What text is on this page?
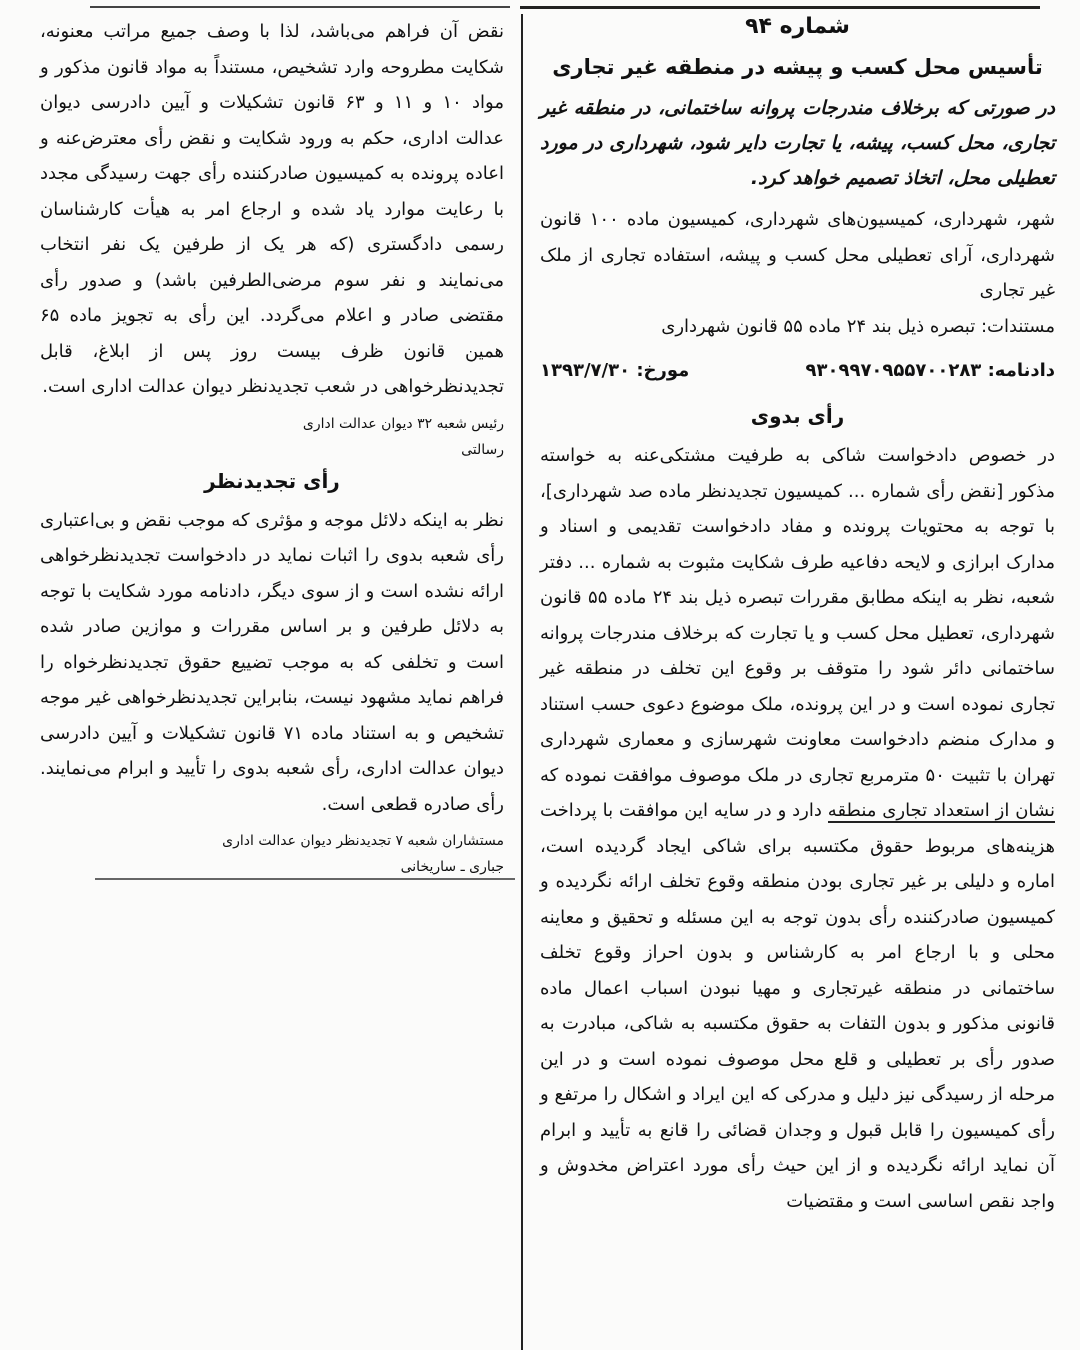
شماره ۹۴
تأسیس محل کسب و پیشه در منطقه غیر تجاری

در صورتی که برخلاف مندرجات پروانه ساختمانی، در منطقه غیر تجاری، محل کسب، پیشه، یا تجارت دایر شود، شهرداری در مورد تعطیلی محل، اتخاذ تصمیم خواهد کرد.

شهر، شهرداری، کمیسیون‌های شهرداری، کمیسیون ماده ۱۰۰ قانون شهرداری، آرای تعطیلی محل کسب و پیشه، استفاده تجاری از ملک غیر تجاری

مستندات: تبصره ذیل بند ۲۴ ماده ۵۵ قانون شهرداری

دادنامه: ۹۳۰۹۹۷۰۹۵۵۷۰۰۲۸۳
مورخ: ۱۳۹۳/۷/۳۰
رأی بدوی

در خصوص دادخواست شاکی به طرفیت مشتکی‌عنه به خواسته مذکور [نقض رأی شماره ... کمیسیون تجدیدنظر ماده صد شهرداری]، با توجه به محتویات پرونده و مفاد دادخواست تقدیمی و اسناد و مدارک ابرازی و لایحه دفاعیه طرف شکایت مثبوت به شماره ... دفتر شعبه، نظر به اینکه مطابق مقررات تبصره ذیل بند ۲۴ ماده ۵۵ قانون شهرداری، تعطیل محل کسب و یا تجارت که برخلاف مندرجات پروانه ساختمانی دائر شود را متوقف بر وقوع این تخلف در منطقه غیر تجاری نموده است و در این پرونده، ملک موضوع دعوی حسب استناد و مدارک منضم دادخواست معاونت شهرسازی و معماری شهرداری تهران با تثبیت ۵۰ مترمربع تجاری در ملک موصوف موافقت نموده که نشان از استعداد تجاری منطقه دارد و در سایه این موافقت با پرداخت هزینه‌های مربوط حقوق مکتسبه برای شاکی ایجاد گردیده است، اماره و دلیلی بر غیر تجاری بودن منطقه وقوع تخلف ارائه نگردیده و کمیسیون صادرکننده رأی بدون توجه به این مسئله و تحقیق و معاینه محلی و با ارجاع امر به کارشناس و بدون احراز وقوع تخلف ساختمانی در منطقه غیرتجاری و مهیا نبودن اسباب اعمال ماده قانونی مذکور و بدون التفات به حقوق مکتسبه به شاکی، مبادرت به صدور رأی بر تعطیلی و قلع محل موصوف نموده است و در این مرحله از رسیدگی نیز دلیل و مدرکی که این ایراد و اشکال را مرتفع و رأی کمیسیون را قابل قبول و وجدان قضائی را قانع به تأیید و ابرام آن نماید ارائه نگردیده و از این حیث رأی مورد اعتراض مخدوش و واجد نقص اساسی است و مقتضیات

نقض آن فراهم می‌باشد، لذا با وصف جمیع مراتب معنونه، شکایت مطروحه وارد تشخیص، مستنداً به مواد قانون مذکور و مواد ۱۰ و ۱۱ و ۶۳ قانون تشکیلات و آیین دادرسی دیوان عدالت اداری، حکم به ورود شکایت و نقض رأی معترض‌عنه و اعاده پرونده به کمیسیون صادرکننده رأی جهت رسیدگی مجدد با رعایت موارد یاد شده و ارجاع امر به هیأت کارشناسان رسمی دادگستری (که هر یک از طرفین یک نفر انتخاب می‌نمایند و نفر سوم مرضی‌الطرفین باشد) و صدور رأی مقتضی صادر و اعلام می‌گردد. این رأی به تجویز ماده ۶۵ همین قانون ظرف بیست روز پس از ابلاغ، قابل تجدیدنظرخواهی در شعب تجدیدنظر دیوان عدالت اداری است.

رئیس شعبه ۳۲ دیوان عدالت اداری
رسالتی
رأی تجدیدنظر

نظر به اینکه دلائل موجه و مؤثری که موجب نقض و بی‌اعتباری رأی شعبه بدوی را اثبات نماید در دادخواست تجدیدنظرخواهی ارائه نشده است و از سوی دیگر، دادنامه مورد شکایت با توجه به دلائل طرفین و بر اساس مقررات و موازین صادر شده است و تخلفی که به موجب تضییع حقوق تجدیدنظرخواه را فراهم نماید مشهود نیست، بنابراین تجدیدنظرخواهی غیر موجه تشخیص و به استناد ماده ۷۱ قانون تشکیلات و آیین دادرسی دیوان عدالت اداری، رأی شعبه بدوی را تأیید و ابرام می‌نمایند. رأی صادره قطعی است.

مستشاران شعبه ۷ تجدیدنظر دیوان عدالت اداری
جباری ـ ساریخانی
